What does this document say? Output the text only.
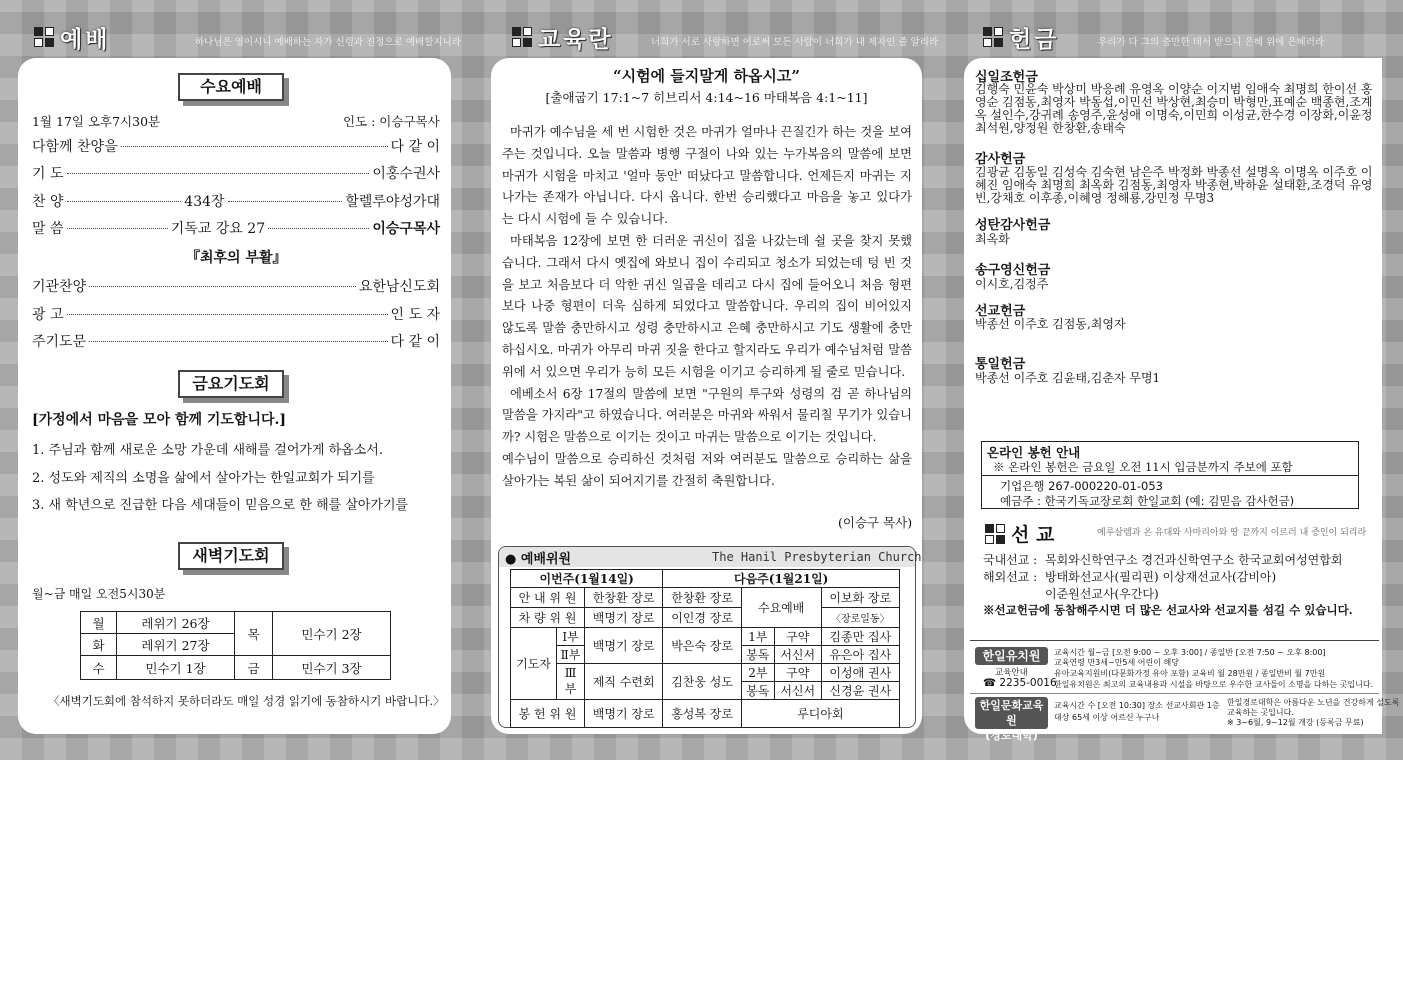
예배	하나님은 영이시니 예배하는 자가 신령과 진정으로 예배할지니라	교육란	너희가 서로 사랑하면 이로써 모든 사람이 너희가 내 제자인 줄 알리라	헌금	우리가 다 그의 충만한 데서 받으니 은혜 위에 은혜러라
수요예배
1월 17일 오후7시30분	인도 : 이승구목사
다함께 찬양을	다 같 이
기 도	이홍수권사
찬 양	434장	할렐루야성가대
말 씀	기독교 강요 27	이승구목사
『최후의 부활』
기관찬양	요한남신도회
광 고	인 도 자
주기도문	다 같 이
금요기도회
[가정에서 마음을 모아 함께 기도합니다.]
1. 주님과 함께 새로운 소망 가운데 새해를 걸어가게 하옵소서.
2. 성도와 제직의 소명을 삶에서 살아가는 한일교회가 되기를
3. 새 학년으로 진급한 다음 세대들이 믿음으로 한 해를 살아가기를
새벽기도회
월~금 매일 오전5시30분
월	레위기 26장	목	민수기 2장
화	레위기 27장		
수	민수기 1장	금	민수기 3장
〈새벽기도회에 참석하지 못하더라도 매일 성경 읽기에 동참하시기 바랍니다.〉
“시험에 들지말게 하옵시고”
[출애굽기 17:1~7 히브리서 4:14~16 마태복음 4:1~11]

마귀가 예수님을 세 번 시험한 것은 마귀가 얼마나 끈질긴가 하는 것을 보여주는 것입니다. 오늘 말씀과 병행 구절이 나와 있는 누가복음의 말씀에 보면 마귀가 시험을 마치고 '얼마 동안' 떠났다고 말씀합니다. 언제든지 마귀는 지나가는 존재가 아닙니다. 다시 옵니다. 한번 승리했다고 마음을 놓고 있다가는 다시 시험에 들 수 있습니다.

마태복음 12장에 보면 한 더러운 귀신이 집을 나갔는데 쉴 곳을 찾지 못했습니다. 그래서 다시 옛집에 와보니 집이 수리되고 청소가 되었는데 텅 빈 것을 보고 처음보다 더 악한 귀신 일곱을 데리고 다시 집에 들어오니 처음 형편보다 나중 형편이 더욱 심하게 되었다고 말씀합니다. 우리의 집이 비어있지 않도록 말씀 충만하시고 성령 충만하시고 은혜 충만하시고 기도 생활에 충만 하십시오. 마귀가 아무리 마귀 짓을 한다고 할지라도 우리가 예수님처럼 말씀 위에 서 있으면 우리가 능히 모든 시험을 이기고 승리하게 될 줄로 믿습니다.

에베소서 6장 17절의 말씀에 보면 "구원의 투구와 성령의 검 곧 하나님의 말씀을 가지라"고 하였습니다. 여러분은 마귀와 싸워서 물리칠 무기가 있습니까? 시험은 말씀으로 이기는 것이고 마귀는 말씀으로 이기는 것입니다.

예수님이 말씀으로 승리하신 것처럼 저와 여러분도 말씀으로 승리하는 삶을 살아가는 복된 삶이 되어지기를 간절히 축원합니다.

(이승구 목사)
● 예배위원	The Hanil Presbyterian Church
이번주(1월14일)			다음주(1월21일)			
안 내 위 원		한창환 장로	한창환 장로	수요예배		이보화 장로
차 량 위 원		백명기 장로	이인경 장로			〈장로일동〉
기도자	Ⅰ부	백명기 장로	박은숙 장로	1부	구약	김종만 집사
	Ⅱ부			봉독	서신서	유은아 집사
	Ⅲ부	제직 수련회	김찬웅 성도	2부	구약	이성애 권사
				봉독	서신서	신경윤 권사
봉 헌 위 원		백명기 장로	홍성복 장로	루디아회		
십일조헌금
김행숙 민윤숙 박상미 박응례 유영옥 이양순 이지범 임애숙 최명희 한이선 홍영순 김점동,최영자 박동섭,이민선 박상현,최승미 박형만,표예순 백종현,조계옥 설인수,강귀례 송영주,윤성애 이명숙,이민희 이성균,한수경 이장화,이윤정 최석원,양정원 한창환,송태숙
감사헌금
김광균 김동일 김성숙 김숙현 남은주 박정화 박종선 설명옥 이명옥 이주호 이혜진 임애숙 최명희 최옥화 김점동,최영자 박종현,박하윤 설태환,조경덕 유영빈,강채호 이후종,이혜영 정해룡,강민정 무명3
성탄감사헌금
최옥화
송구영신헌금
이시호,김정주
선교헌금
박종선 이주호 김점동,최영자
통일헌금
박종선 이주호 김윤태,김춘자 무명1
온라인 봉헌 안내
※ 온라인 봉헌은 금요일 오전 11시 입금분까지 주보에 포함
기업은행 267-000220-01-053
예금주 : 한국기독교장로회 한일교회 (예: 김믿음 감사헌금)
선 교	예루살렘과 온 유대와 사마리아와 땅 끝까지 이르러 내 증인이 되리라
국내선교 : 목회와신학연구소 경건과신학연구소 한국교회여성연합회
해외선교 : 방태화선교사(필리핀) 이상재선교사(감비아)
이준원선교사(우간다)
※선교헌금에 동참해주시면 더 많은 선교사와 선교지를 섬길 수 있습니다.
한일유치원
교육안내
☎ 2235-0016
교육시간 월~금 [오전 9:00 ~ 오후 3:00] / 종일반 [오전 7:50 ~ 오후 8:00]
교육연령 만3세~만5세 어린이 해당
유아교육지원비(다문화가정 유아 포함) 교육비 월 28만원 / 종일반비 월 7만원
한일유치원은 최고의 교육내용과 시설을 바탕으로 우수한 교사들이 소명을 다하는 곳입니다.
한일문화교육원
(경로대학)
교육시간 수 [오전 10:30] 장소 선교사회관 1층
대상 65세 이상 어르신 누구나
한일경로대학은 아름다운 노년을 건강하게 설도록
교육하는 곳입니다.
※ 3~6월, 9~12월 개강 (등록금 무료)
